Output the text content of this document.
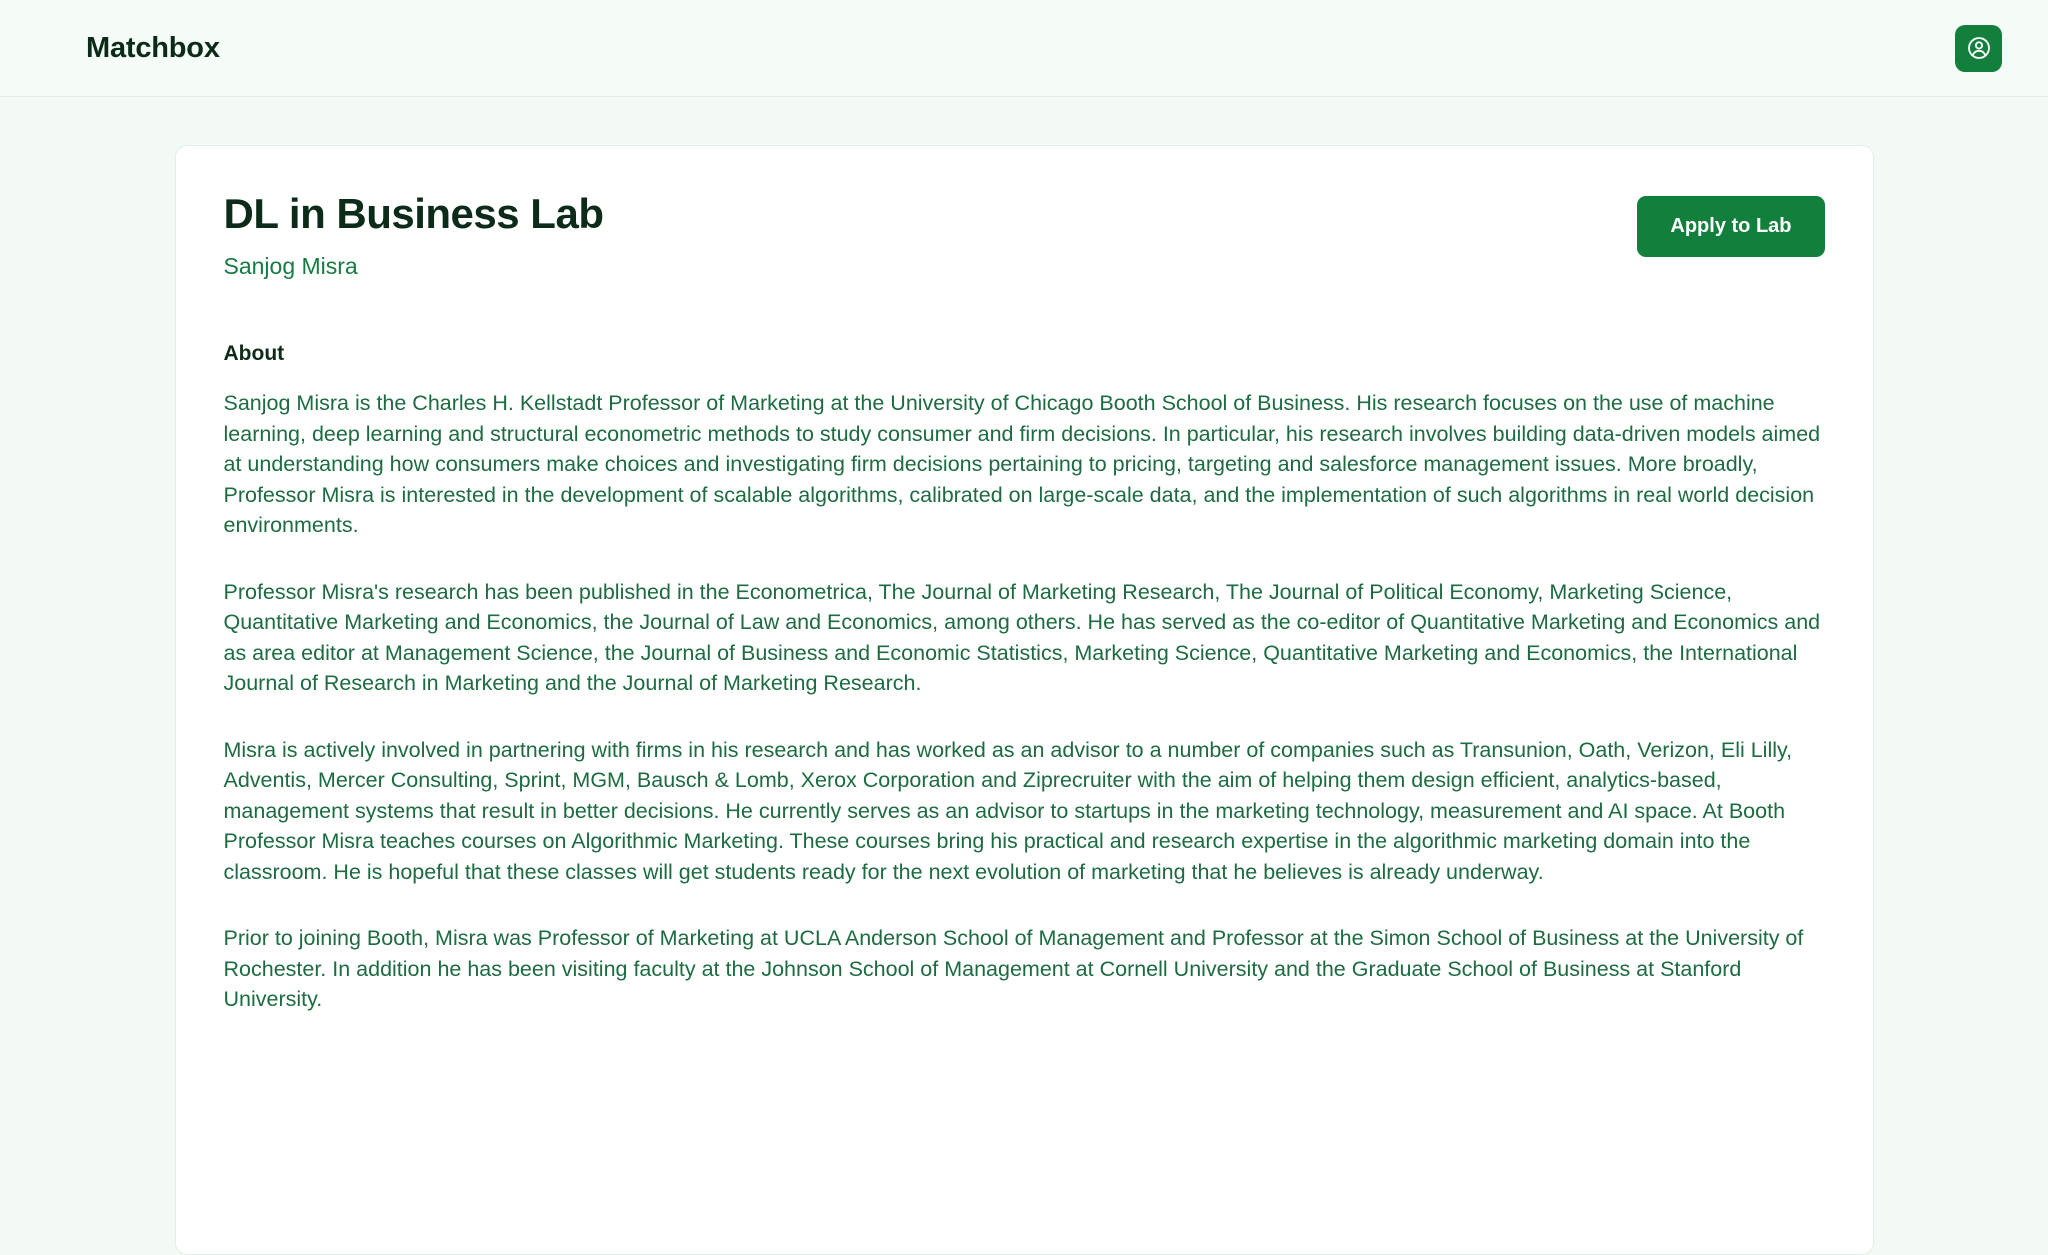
Matchbox
DL in Business Lab
Sanjog Misra
Apply to Lab
About

Sanjog Misra is the Charles H. Kellstadt Professor of Marketing at the University of Chicago Booth School of Business. His research focuses on the use of machine learning, deep learning and structural econometric methods to study consumer and firm decisions. In particular, his research involves building data-driven models aimed at understanding how consumers make choices and investigating firm decisions pertaining to pricing, targeting and salesforce management issues. More broadly, Professor Misra is interested in the development of scalable algorithms, calibrated on large-scale data, and the implementation of such algorithms in real world decision environments.

Professor Misra's research has been published in the Econometrica, The Journal of Marketing Research, The Journal of Political Economy, Marketing Science, Quantitative Marketing and Economics, the Journal of Law and Economics, among others. He has served as the co-editor of Quantitative Marketing and Economics and as area editor at Management Science, the Journal of Business and Economic Statistics, Marketing Science, Quantitative Marketing and Economics, the International Journal of Research in Marketing and the Journal of Marketing Research.

Misra is actively involved in partnering with firms in his research and has worked as an advisor to a number of companies such as Transunion, Oath, Verizon, Eli Lilly, Adventis, Mercer Consulting, Sprint, MGM, Bausch & Lomb, Xerox Corporation and Ziprecruiter with the aim of helping them design efficient, analytics-based, management systems that result in better decisions. He currently serves as an advisor to startups in the marketing technology, measurement and AI space. At Booth Professor Misra teaches courses on Algorithmic Marketing. These courses bring his practical and research expertise in the algorithmic marketing domain into the classroom. He is hopeful that these classes will get students ready for the next evolution of marketing that he believes is already underway.

Prior to joining Booth, Misra was Professor of Marketing at UCLA Anderson School of Management and Professor at the Simon School of Business at the University of Rochester. In addition he has been visiting faculty at the Johnson School of Management at Cornell University and the Graduate School of Business at Stanford University.
